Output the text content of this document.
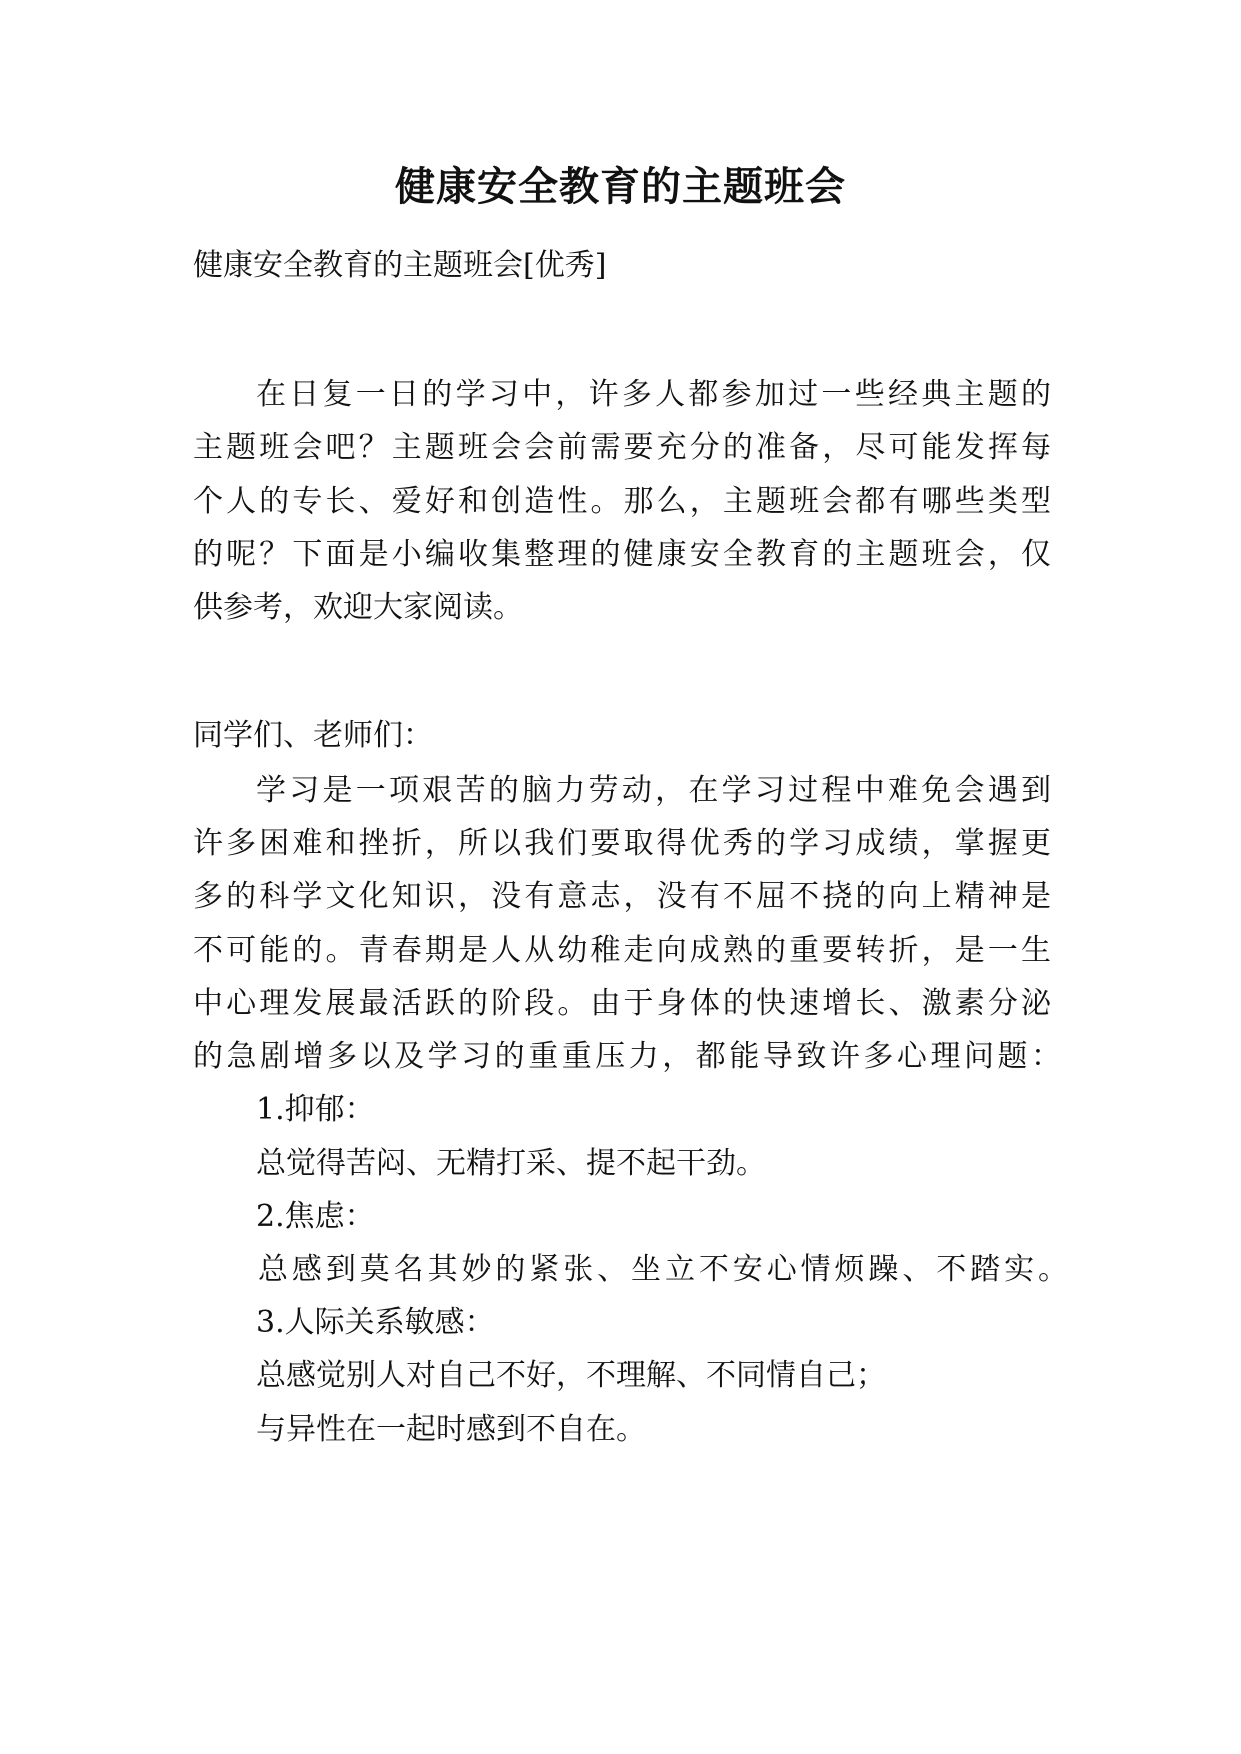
健康安全教育的主题班会
健康安全教育的主题班会[优秀]
在日复一日的学习中，许多人都参加过一些经典主题的
主题班会吧？主题班会会前需要充分的准备，尽可能发挥每
个人的专长、爱好和创造性。那么，主题班会都有哪些类型
的呢？下面是小编收集整理的健康安全教育的主题班会，仅
供参考，欢迎大家阅读。
同学们、老师们：
学习是一项艰苦的脑力劳动，在学习过程中难免会遇到
许多困难和挫折，所以我们要取得优秀的学习成绩，掌握更
多的科学文化知识，没有意志，没有不屈不挠的向上精神是
不可能的。青春期是人从幼稚走向成熟的重要转折，是一生
中心理发展最活跃的阶段。由于身体的快速增长、激素分泌
的急剧增多以及学习的重重压力，都能导致许多心理问题：
1.抑郁：
总觉得苦闷、无精打采、提不起干劲。
2.焦虑：
总感到莫名其妙的紧张、坐立不安心情烦躁、不踏实。
3.人际关系敏感：
总感觉别人对自己不好，不理解、不同情自己；
与异性在一起时感到不自在。
